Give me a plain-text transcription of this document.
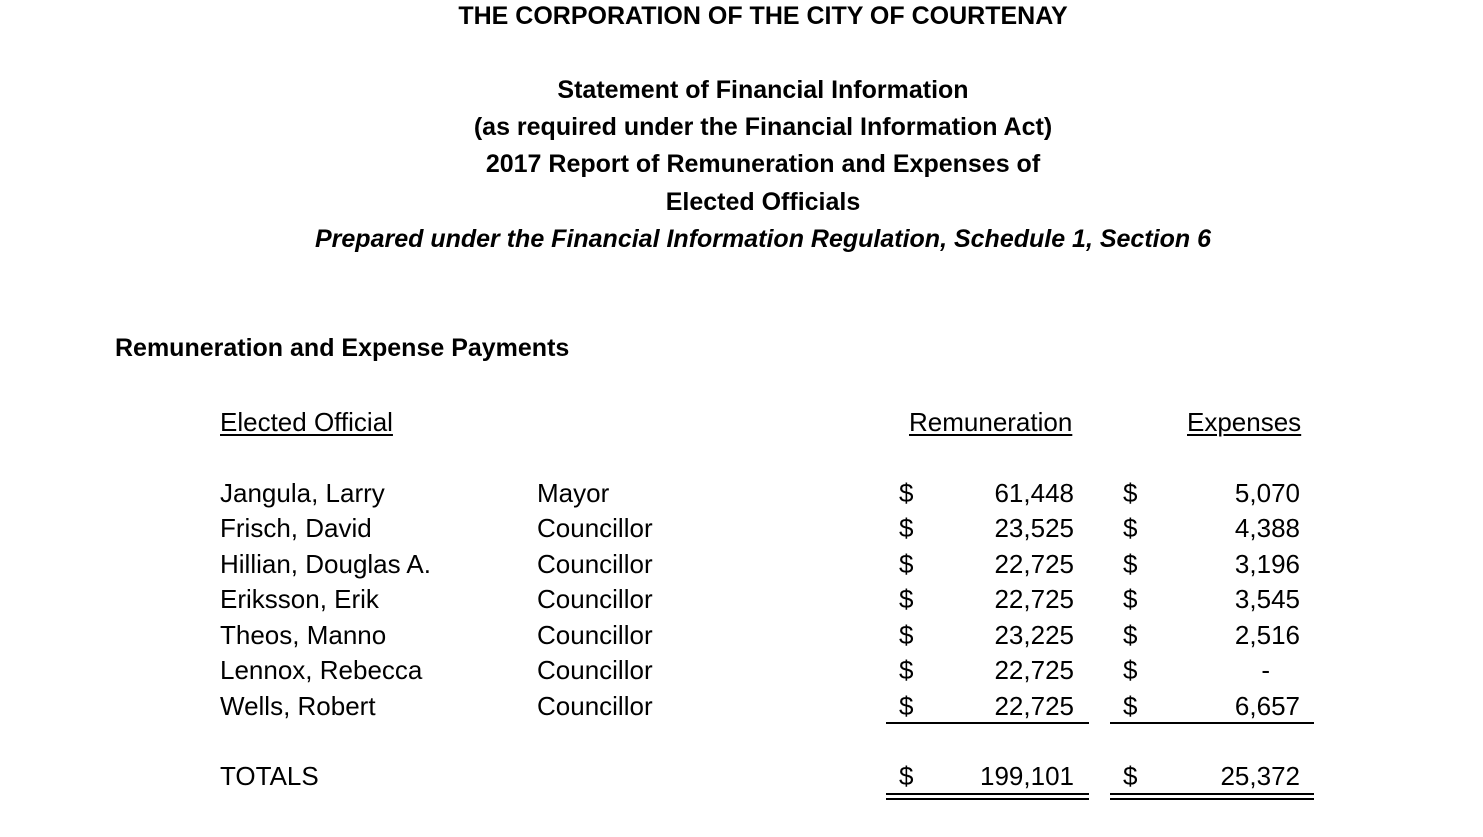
THE CORPORATION OF THE CITY OF COURTENAY
Statement of Financial Information
(as required under the Financial Information Act)
2017 Report of Remuneration and Expenses of
Elected Officials
Prepared under the Financial Information Regulation, Schedule 1, Section 6
Remuneration and Expense Payments
Elected Official	Remuneration	Expenses
Jangula, Larry	Mayor	$	61,448 $	5,070
Frisch, David	Councillor	$	23,525 $	4,388
Hillian, Douglas A.	Councillor	$	22,725 $	3,196
Eriksson, Erik	Councillor	$	22,725 $	3,545
Theos, Manno	Councillor	$	23,225 $	2,516
Lennox, Rebecca	Councillor	$	22,725 $	-
Wells, Robert	Councillor	$	22,725 $	6,657
TOTALS	$	199,101 $	25,372
